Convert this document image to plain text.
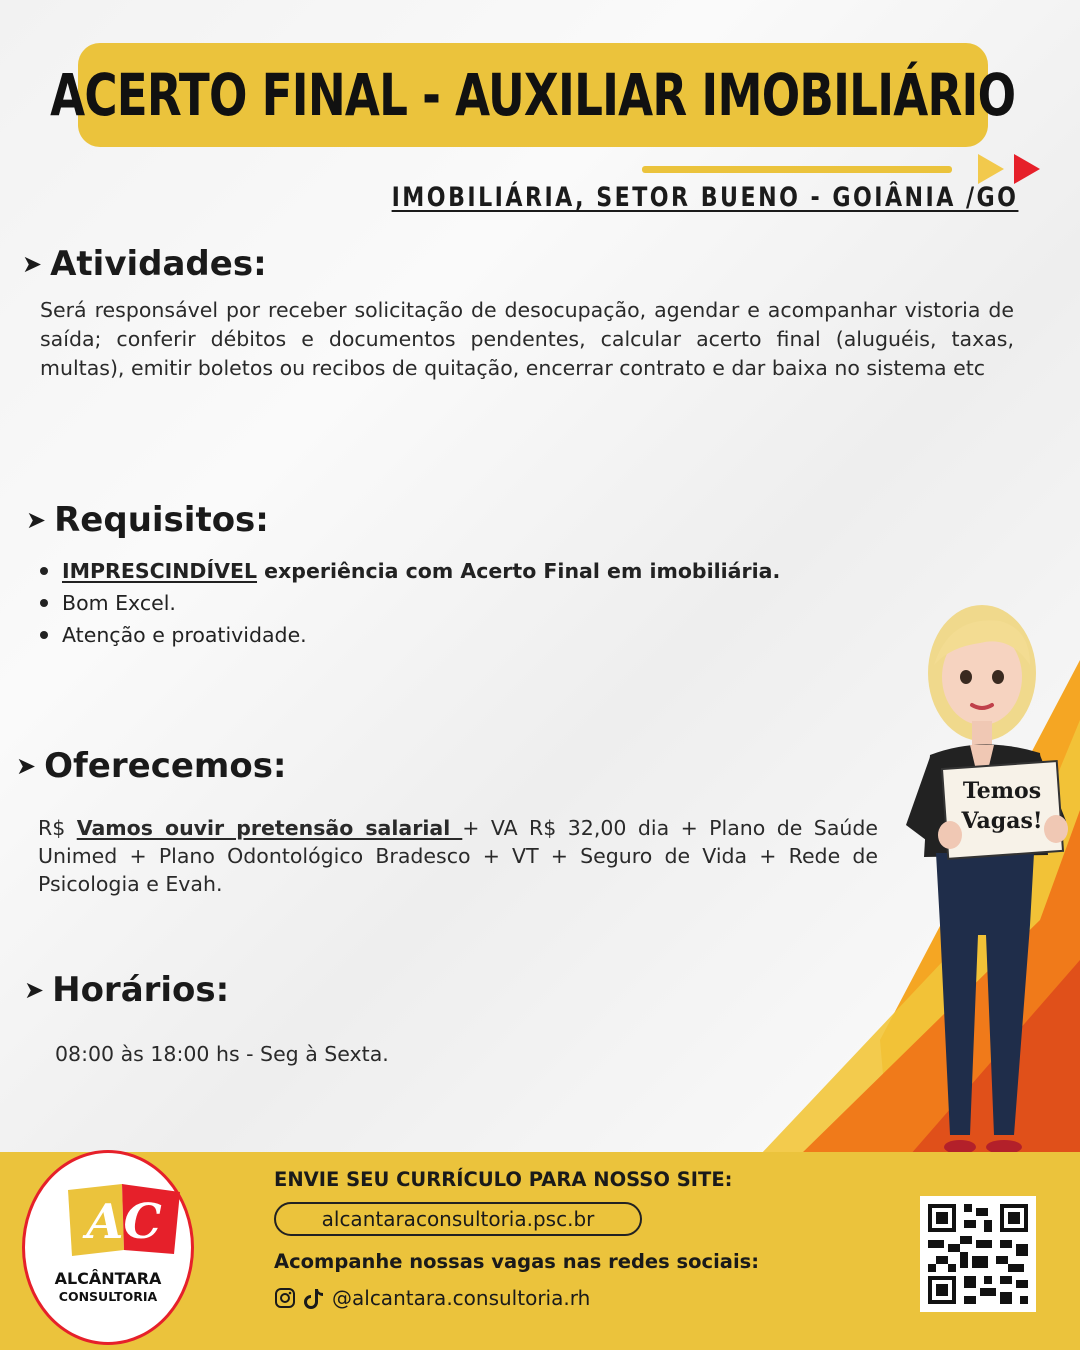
ACERTO FINAL - AUXILIAR IMOBILIÁRIO
IMOBILIÁRIA, SETOR BUENO - GOIÂNIA /GO
➤ Atividades:

Será responsável por receber solicitação de desocupação, agendar e acompanhar vistoria de saída; conferir débitos e documentos pendentes, calcular acerto final (aluguéis, taxas, multas), emitir boletos ou recibos de quitação, encerrar contrato e dar baixa no sistema etc

➤ Requisitos:
IMPRESCINDÍVEL experiência com Acerto Final em imobiliária.
Bom Excel.
Atenção e proatividade.
➤ Oferecemos:

R$ Vamos ouvir pretensão salarial + VA R$ 32,00 dia + Plano de Saúde Unimed + Plano Odontológico Bradesco + VT + Seguro de Vida + Rede de Psicologia e Evah.

➤ Horários:

08:00 às 18:00 hs - Seg à Sexta.

Temos
Vagas!
ALCÂNTARA
CONSULTORIA
AC
ENVIE SEU CURRÍCULO PARA NOSSO SITE:
alcantaraconsultoria.psc.br
Acompanhe nossas vagas nas redes sociais:
@alcantara.consultoria.rh
